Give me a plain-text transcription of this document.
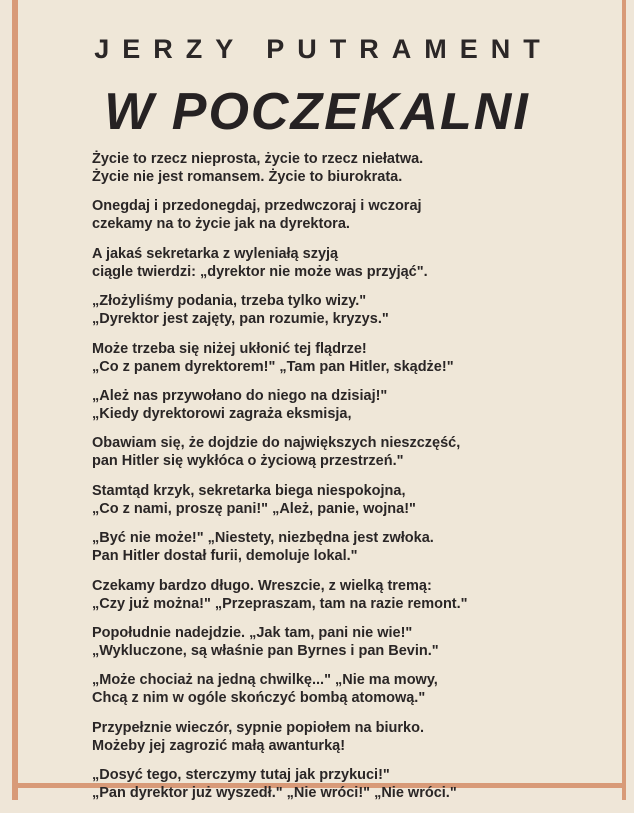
JERZY PUTRAMENT
W POCZEKALNI
Życie to rzecz nieprosta, życie to rzecz niełatwa.
Życie nie jest romansem. Życie to biurokrata.
Onegdaj i przedonegdaj, przedwczoraj i wczoraj
czekamy na to życie jak na dyrektora.
A jakaś sekretarka z wyleniałą szyją
ciągle twierdzi: „dyrektor nie może was przyjąć".
„Złożyliśmy podania, trzeba tylko wizy."
„Dyrektor jest zajęty, pan rozumie, kryzys."
Może trzeba się niżej ukłonić tej flądrze!
„Co z panem dyrektorem!" „Tam pan Hitler, skądże!"
„Ależ nas przywołano do niego na dzisiaj!"
„Kiedy dyrektorowi zagraża eksmisja,
Obawiam się, że dojdzie do największych nieszczęść,
pan Hitler się wykłóca o życiową przestrzeń."
Stamtąd krzyk, sekretarka biega niespokojna,
„Co z nami, proszę pani!" „Ależ, panie, wojna!"
„Być nie może!" „Niestety, niezbędna jest zwłoka.
Pan Hitler dostał furii, demoluje lokal."
Czekamy bardzo długo. Wreszcie, z wielką tremą:
„Czy już można!" „Przepraszam, tam na razie remont."
Popołudnie nadejdzie. „Jak tam, pani nie wie!"
„Wykluczone, są właśnie pan Byrnes i pan Bevin."
„Może chociaż na jedną chwilkę..." „Nie ma mowy,
Chcą z nim w ogóle skończyć bombą atomową."
Przypełznie wieczór, sypnie popiołem na biurko.
Możeby jej zagrozić małą awanturką!
„Dosyć tego, sterczymy tutaj jak przykuci!"
„Pan dyrektor już wyszedł." „Nie wróci!" „Nie wróci."
